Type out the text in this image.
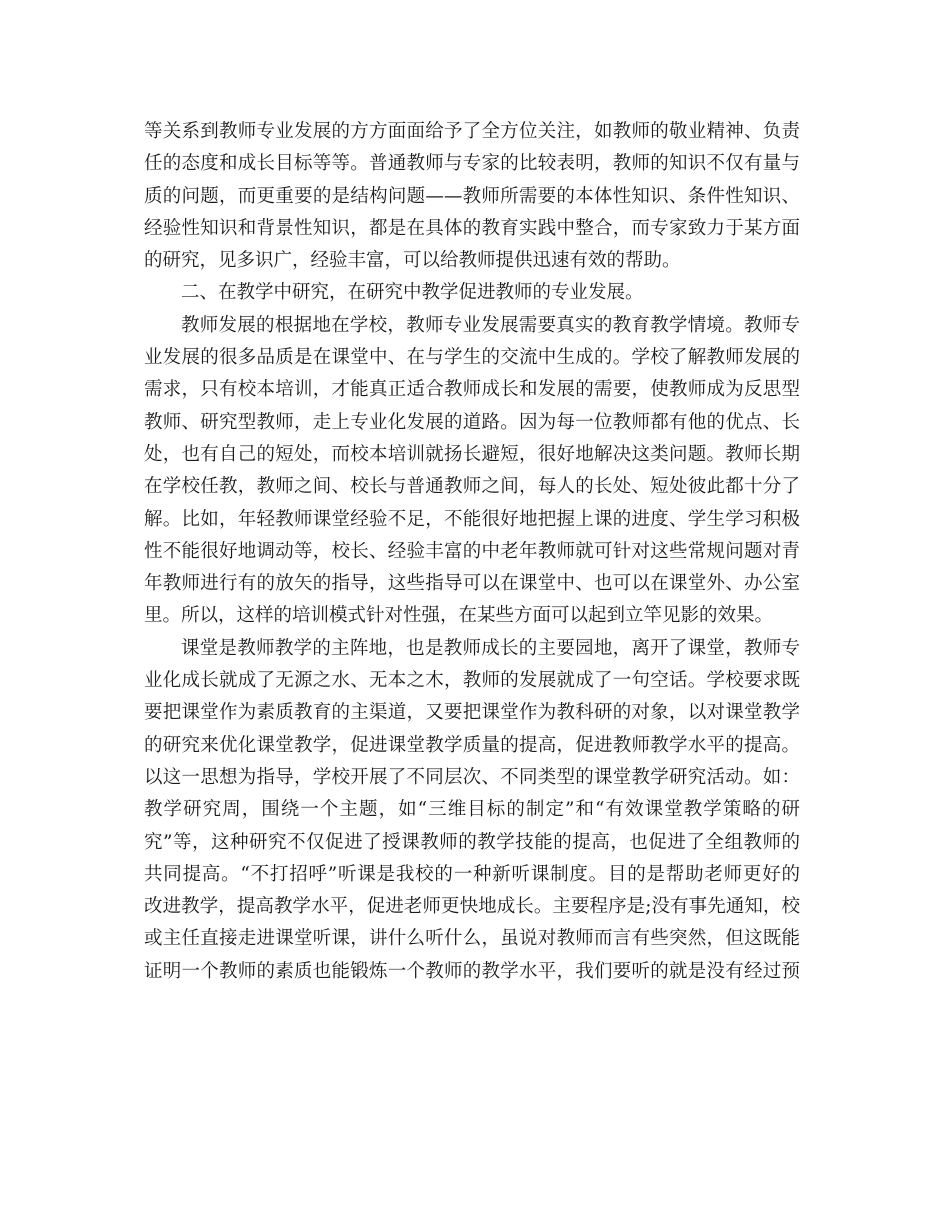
等关系到教师专业发展的方方面面给予了全方位关注，如教师的敬业精神、负责
任的态度和成长目标等等。普通教师与专家的比较表明，教师的知识不仅有量与
质的问题，而更重要的是结构问题——教师所需要的本体性知识、条件性知识、
经验性知识和背景性知识，都是在具体的教育实践中整合，而专家致力于某方面
的研究，见多识广，经验丰富，可以给教师提供迅速有效的帮助。
二、在教学中研究，在研究中教学促进教师的专业发展。
教师发展的根据地在学校，教师专业发展需要真实的教育教学情境。教师专
业发展的很多品质是在课堂中、在与学生的交流中生成的。学校了解教师发展的
需求，只有校本培训，才能真正适合教师成长和发展的需要，使教师成为反思型
教师、研究型教师，走上专业化发展的道路。因为每一位教师都有他的优点、长
处，也有自己的短处，而校本培训就扬长避短，很好地解决这类问题。教师长期
在学校任教，教师之间、校长与普通教师之间，每人的长处、短处彼此都十分了
解。比如，年轻教师课堂经验不足，不能很好地把握上课的进度、学生学习积极
性不能很好地调动等，校长、经验丰富的中老年教师就可针对这些常规问题对青
年教师进行有的放矢的指导，这些指导可以在课堂中、也可以在课堂外、办公室
里。所以，这样的培训模式针对性强，在某些方面可以起到立竿见影的效果。
课堂是教师教学的主阵地，也是教师成长的主要园地，离开了课堂，教师专
业化成长就成了无源之水、无本之木，教师的发展就成了一句空话。学校要求既
要把课堂作为素质教育的主渠道，又要把课堂作为教科研的对象，以对课堂教学
的研究来优化课堂教学，促进课堂教学质量的提高，促进教师教学水平的提高。
以这一思想为指导，学校开展了不同层次、不同类型的课堂教学研究活动。如：
教学研究周，围绕一个主题，如“三维目标的制定”和“有效课堂教学策略的研
究”等，这种研究不仅促进了授课教师的教学技能的提高，也促进了全组教师的
共同提高。“不打招呼”听课是我校的一种新听课制度。目的是帮助老师更好的
改进教学，提高教学水平，促进老师更快地成长。主要程序是;没有事先通知，校
或主任直接走进课堂听课，讲什么听什么，虽说对教师而言有些突然，但这既能
证明一个教师的素质也能锻炼一个教师的教学水平，我们要听的就是没有经过预
